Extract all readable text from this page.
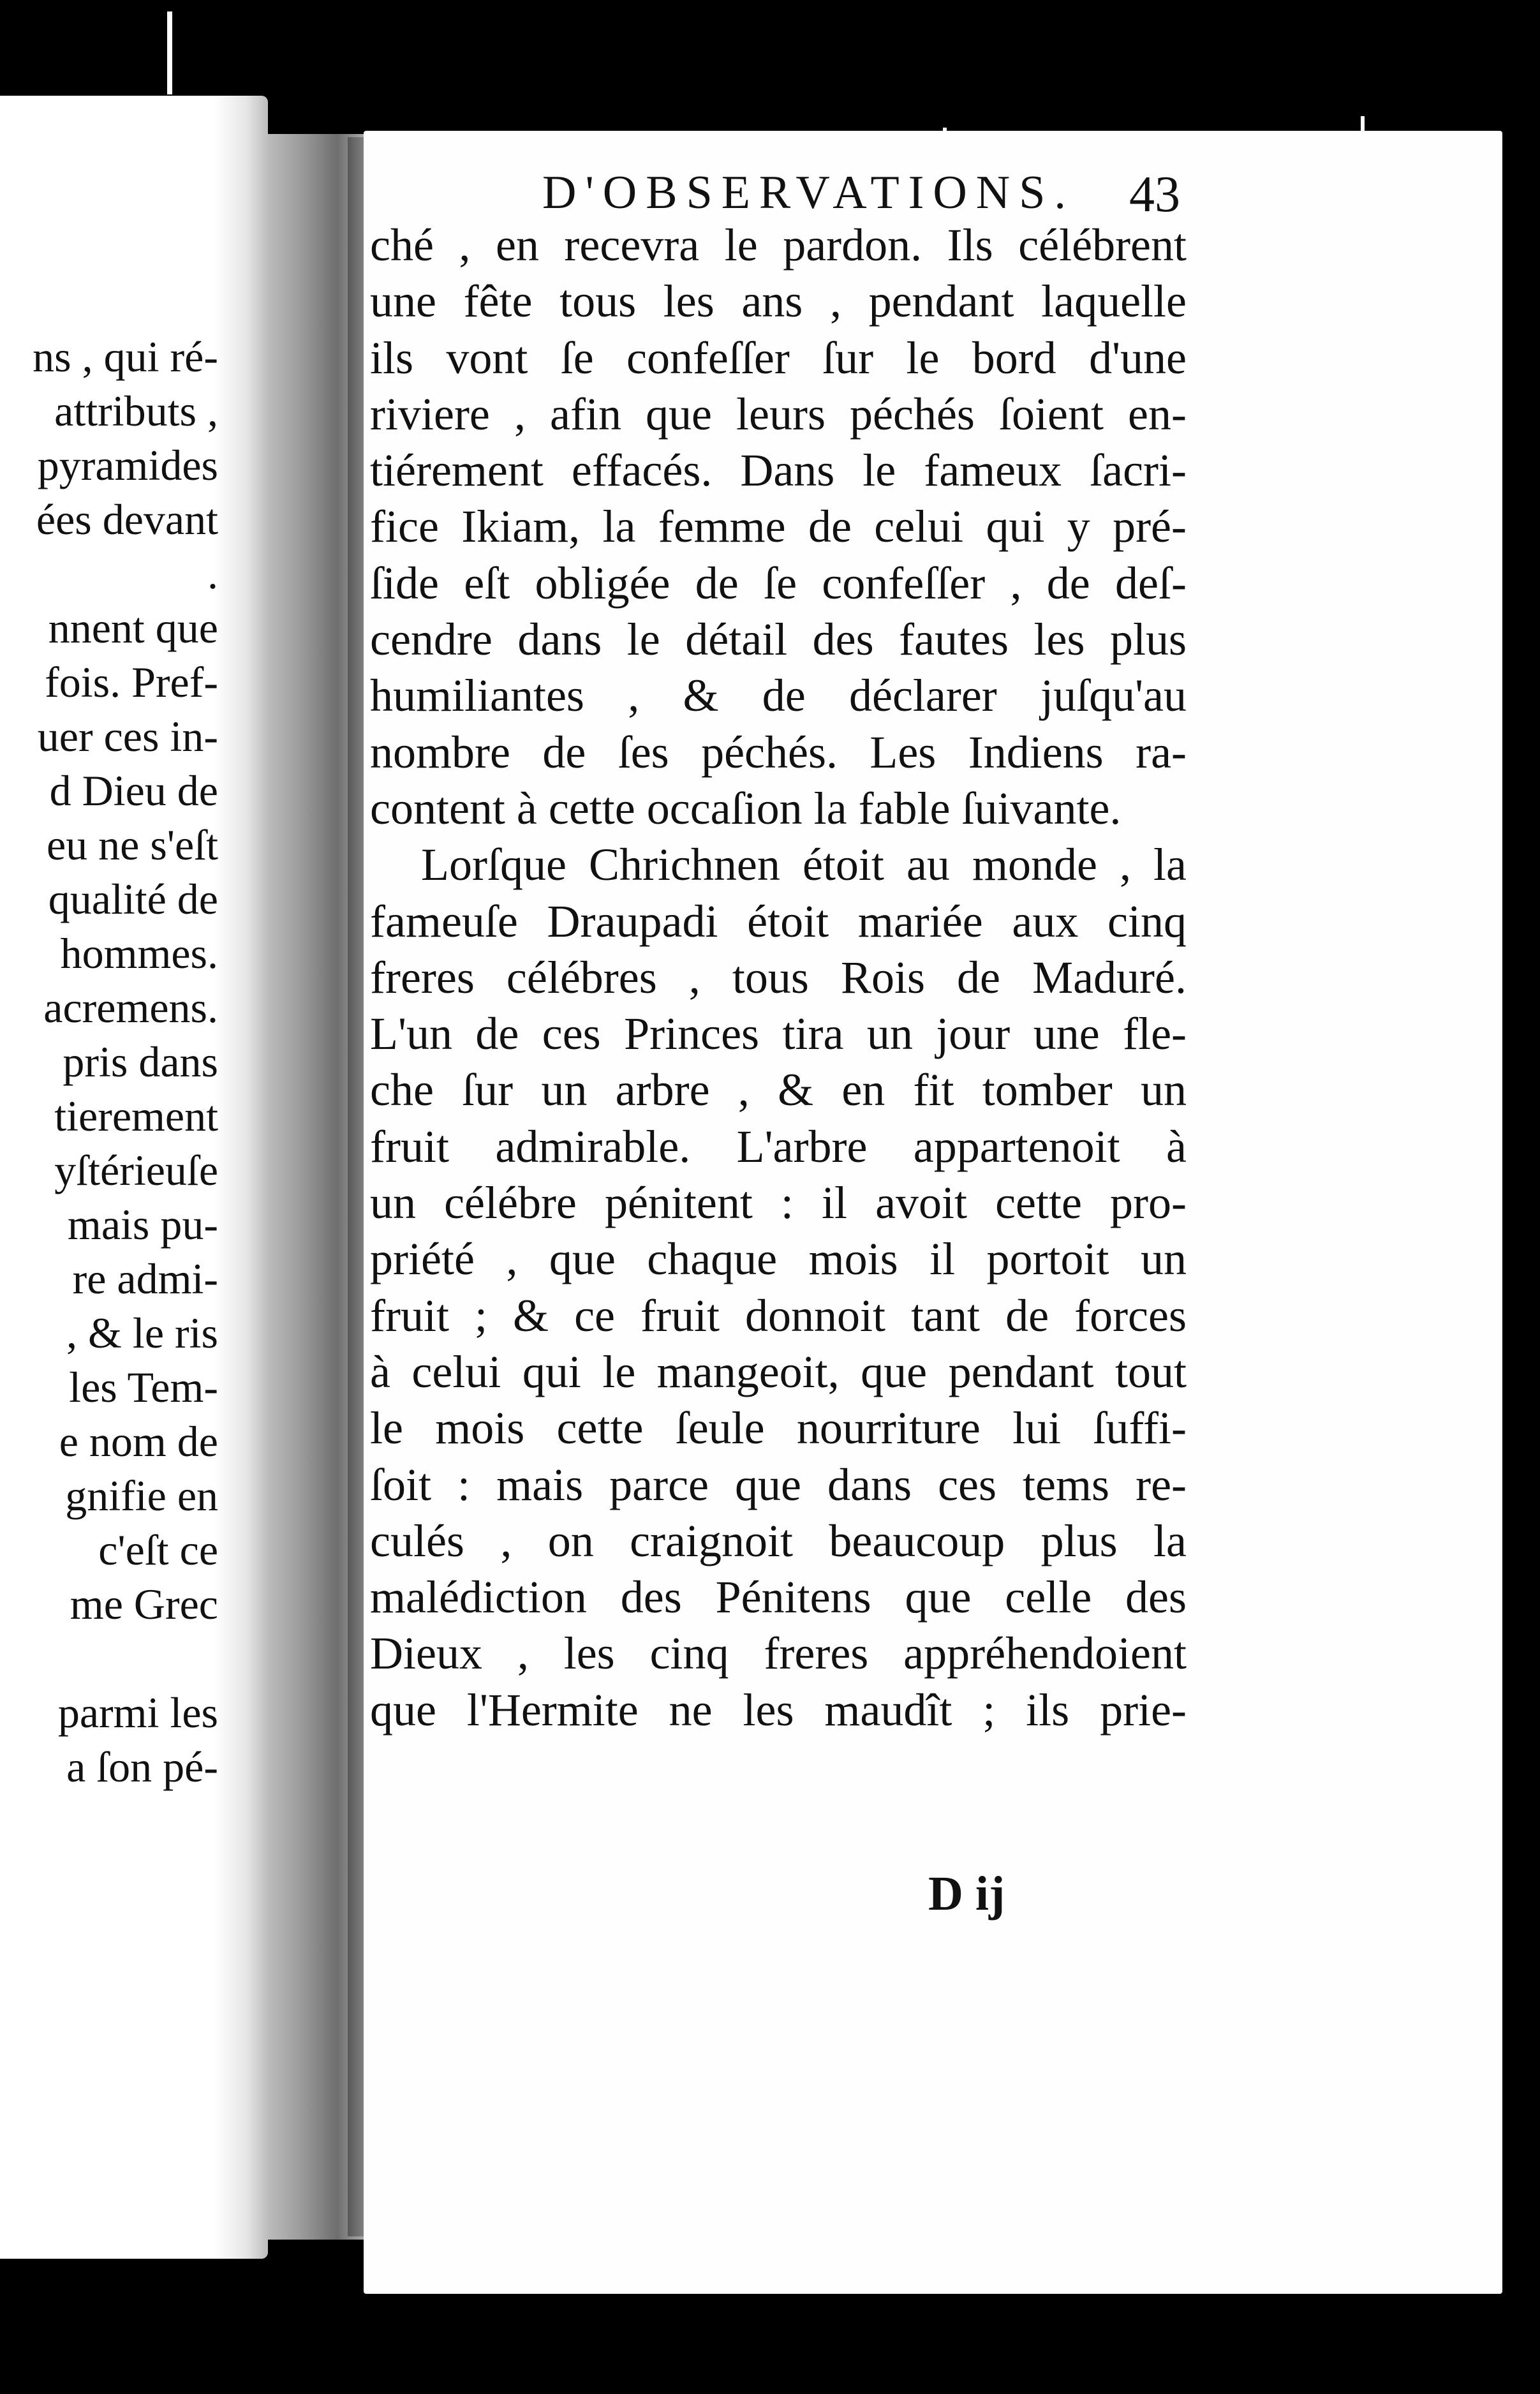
ns , qui ré-
attributs ,
pyramides
ées devant
.
nnent que
fois. Pref-
uer ces in-
d Dieu de
eu ne s'eſt
qualité de
hommes.
acremens.
pris dans
tierement
yſtérieuſe
mais pu-
re admi-
, & le ris
les Tem-
e nom de
gnifie en
c'eſt ce
me Grec
parmi les
a ſon pé-
D'OBSERVATIONS. 43
ché , en recevra le pardon. Ils célébrent
une fête tous les ans , pendant laquelle
ils vont ſe confeſſer ſur le bord d'une
riviere , afin que leurs péchés ſoient en-
tiérement effacés. Dans le fameux ſacri-
fice Ikiam, la femme de celui qui y pré-
ſide eſt obligée de ſe confeſſer , de deſ-
cendre dans le détail des fautes les plus
humiliantes , & de déclarer juſqu'au
nombre de ſes péchés. Les Indiens ra-
content à cette occaſion la fable ſuivante.
Lorſque Chrichnen étoit au monde , la
fameuſe Draupadi étoit mariée aux cinq
freres célébres , tous Rois de Maduré.
L'un de ces Princes tira un jour une fle-
che ſur un arbre , & en fit tomber un
fruit admirable. L'arbre appartenoit à
un célébre pénitent : il avoit cette pro-
priété , que chaque mois il portoit un
fruit ; & ce fruit donnoit tant de forces
à celui qui le mangeoit, que pendant tout
le mois cette ſeule nourriture lui ſuffi-
ſoit : mais parce que dans ces tems re-
culés , on craignoit beaucoup plus la
malédiction des Pénitens que celle des
Dieux , les cinq freres appréhendoient
que l'Hermite ne les maudît ; ils prie-
D ij
